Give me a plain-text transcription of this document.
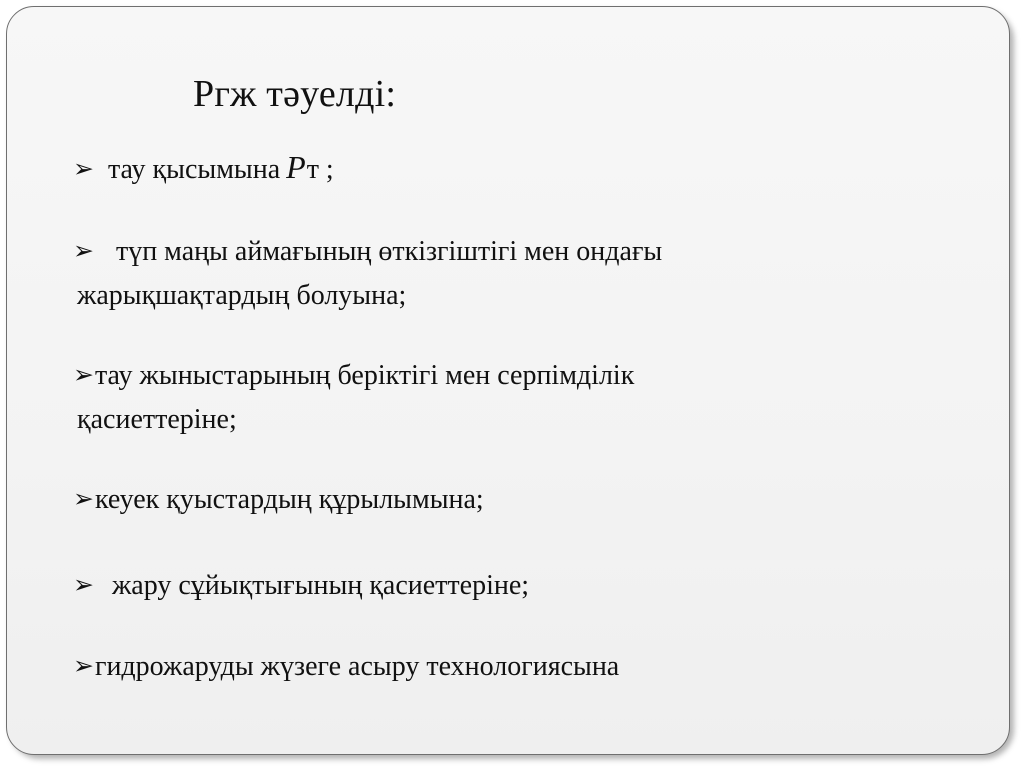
Ргж тәуелді:
➢ тау қысымына Pт ;
➢ түп маңы аймағының өткізгіштігі мен ондағы
жарықшақтардың болуына;
➢тау жыныстарының беріктігі мен серпімділік
қасиеттеріне;
➢кеуек қуыстардың құрылымына;
➢ жару сұйықтығының қасиеттеріне;
➢гидрожаруды жүзеге асыру технологиясына
